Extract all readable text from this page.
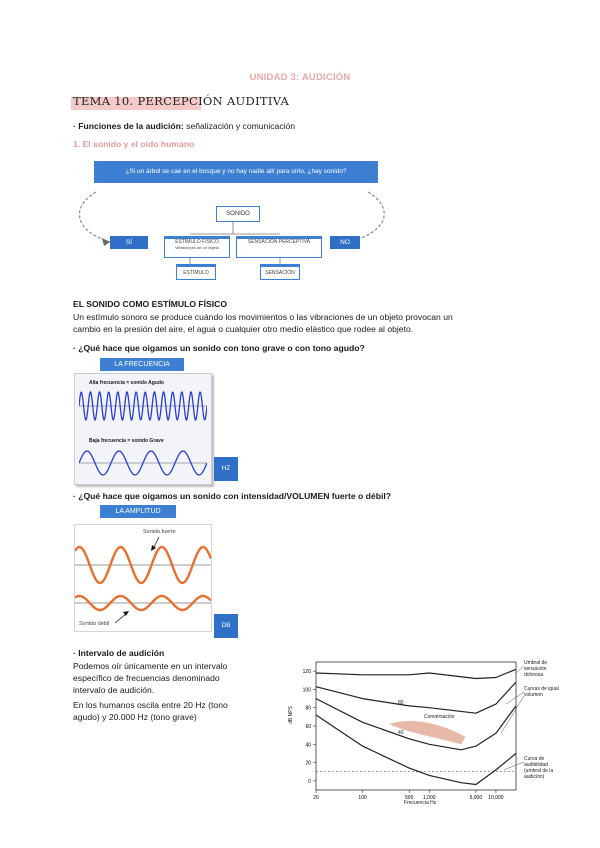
UNIDAD 3: AUDICIÓN
TEMA 10. PERCEPCIÓN AUDITIVA
· Funciones de la audición: señalización y comunicación
1. El sonido y el oído humano
¿Si un árbol se cae en el bosque y no hay nadie allí para oírlo, ¿hay sonido?
SONIDO
SÍ	NO
ESTÍMULO FÍSICO
Vibraciones de un objeto
SENSACIÓN PERCEPTIVA
ESTÍMULO	SENSACIÓN
EL SONIDO COMO ESTÍMULO FÍSICO
Un estímulo sonoro se produce cuándo los movimientos o las vibraciones de un objeto provocan un
cambio en la presión del aire, el agua o cualquier otro medio elástico que rodee al objeto.
· ¿Qué hace que oigamos un sonido con tono grave o con tono agudo?
LA FRECUENCIA
Alta frecuencia = sonido Agudo
Baja frecuencia = sonido Grave
HZ
· ¿Qué hace que oigamos un sonido con intensidad/VOLUMEN fuerte o débil?
LA AMPLITUD
Sonido fuerte
Sonido débil	DB
· Intervalo de audición
Podemos oír únicamente en un intervalo
específico de frecuencias denominado
intervalo de audición.
En los humanos oscila entre 20 Hz (tono
agudo) y 20.000 Hz (tono grave)
20	100	500 1,000	5,000 10,000
0
20
40
60
80
100
120
Frecuencia Hz
dB NPS
Umbral de sensación dolorosa
Curvas de igual volumen
Conversación
Curva de audibilidad (umbral de la audición)
80
40
